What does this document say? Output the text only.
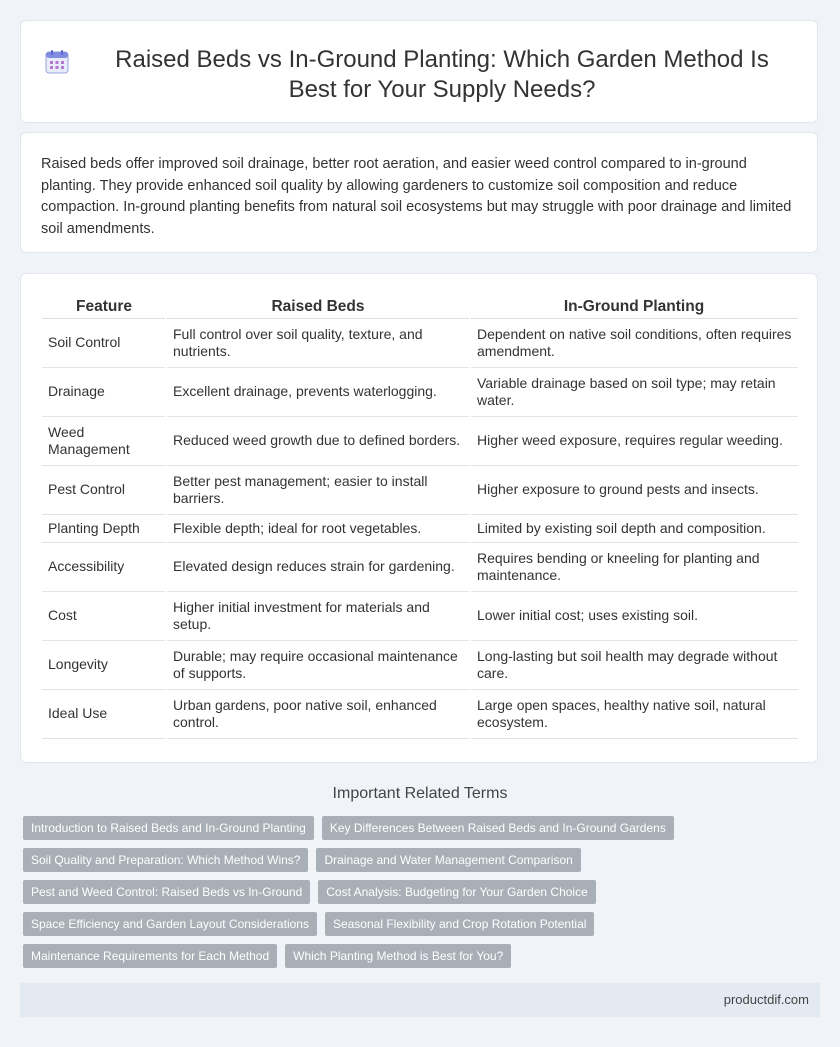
Raised Beds vs In-Ground Planting: Which Garden Method Is Best for Your Supply Needs?

Raised beds offer improved soil drainage, better root aeration, and easier weed control compared to in-ground planting. They provide enhanced soil quality by allowing gardeners to customize soil composition and reduce compaction. In-ground planting benefits from natural soil ecosystems but may struggle with poor drainage and limited soil amendments.

Feature	Raised Beds	In-Ground Planting
Soil Control	Full control over soil quality, texture, and nutrients.	Dependent on native soil conditions, often requires amendment.
Drainage	Excellent drainage, prevents waterlogging.	Variable drainage based on soil type; may retain water.
Weed Management	Reduced weed growth due to defined borders.	Higher weed exposure, requires regular weeding.
Pest Control	Better pest management; easier to install barriers.	Higher exposure to ground pests and insects.
Planting Depth	Flexible depth; ideal for root vegetables.	Limited by existing soil depth and composition.
Accessibility	Elevated design reduces strain for gardening.	Requires bending or kneeling for planting and maintenance.
Cost	Higher initial investment for materials and setup.	Lower initial cost; uses existing soil.
Longevity	Durable; may require occasional maintenance of supports.	Long-lasting but soil health may degrade without care.
Ideal Use	Urban gardens, poor native soil, enhanced control.	Large open spaces, healthy native soil, natural ecosystem.
Important Related Terms
Introduction to Raised Beds and In-Ground Planting	Key Differences Between Raised Beds and In-Ground Gardens
Soil Quality and Preparation: Which Method Wins?	Drainage and Water Management Comparison
Pest and Weed Control: Raised Beds vs In-Ground	Cost Analysis: Budgeting for Your Garden Choice
Space Efficiency and Garden Layout Considerations	Seasonal Flexibility and Crop Rotation Potential
Maintenance Requirements for Each Method	Which Planting Method is Best for You?
productdif.com
